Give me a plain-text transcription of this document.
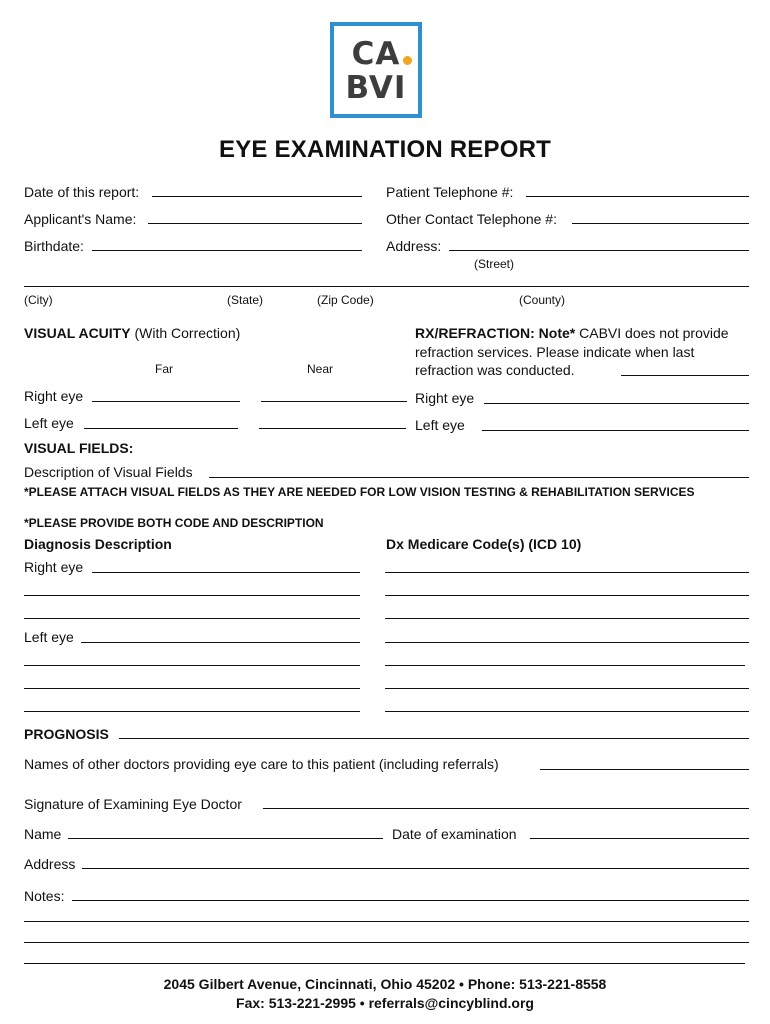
CA
BVI
EYE EXAMINATION REPORT
Date of this report:	Patient Telephone #:
Applicant's Name:	Other Contact Telephone #:
Birthdate:	Address:
(Street)
(City)	(State)	(Zip Code)	(County)
VISUAL ACUITY (With Correction)
Far	Near
Right eye
Left eye
RX/REFRACTION: Note* CABVI does not provide refraction services. Please indicate when last refraction was conducted.
Right eye
Left eye
VISUAL FIELDS:
Description of Visual Fields
*PLEASE ATTACH VISUAL FIELDS AS THEY ARE NEEDED FOR LOW VISION TESTING & REHABILITATION SERVICES
*PLEASE PROVIDE BOTH CODE AND DESCRIPTION
Diagnosis Description	Dx Medicare Code(s) (ICD 10)
Right eye
Left eye
PROGNOSIS
Names of other doctors providing eye care to this patient (including referrals)
Signature of Examining Eye Doctor
Name	Date of examination
Address
Notes:
2045 Gilbert Avenue, Cincinnati, Ohio 45202 • Phone: 513-221-8558
Fax: 513-221-2995 • referrals@cincyblind.org
